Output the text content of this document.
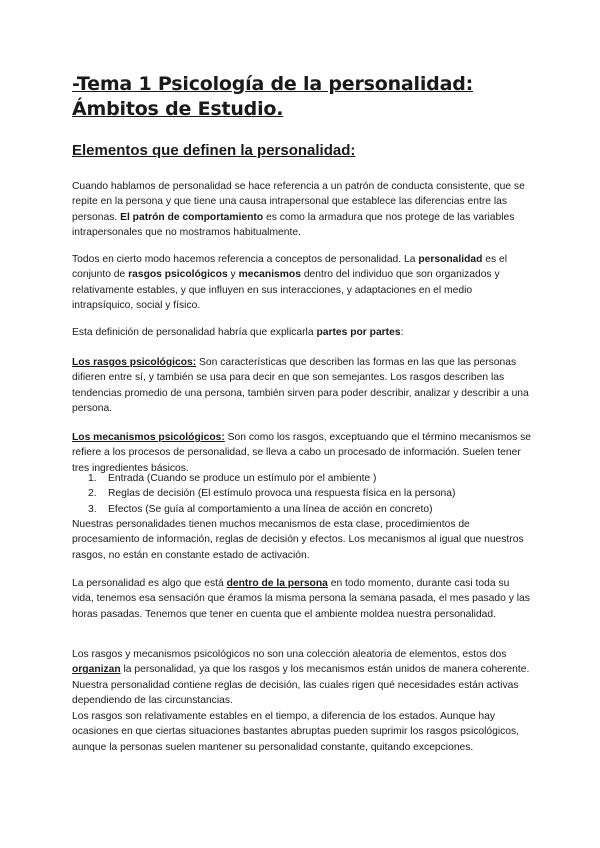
-Tema 1 Psicología de la personalidad: Ámbitos de Estudio.
Elementos que definen la personalidad:

Cuando hablamos de personalidad se hace referencia a un patrón de conducta consistente, que se repite en la persona y que tiene una causa intrapersonal que establece las diferencias entre las personas. El patrón de comportamiento es como la armadura que nos protege de las variables intrapersonales que no mostramos habitualmente.

Todos en cierto modo hacemos referencia a conceptos de personalidad. La personalidad es el conjunto de rasgos psicológicos y mecanismos dentro del individuo que son organizados y relativamente estables, y que influyen en sus interacciones, y adaptaciones en el medio intrapsíquico, social y físico.

Esta definición de personalidad habría que explicarla partes por partes:

Los rasgos psicológicos: Son características que describen las formas en las que las personas difieren entre sí, y también se usa para decir en que son semejantes. Los rasgos describen las tendencias promedio de una persona, también sirven para poder describir, analizar y describir a una persona.

Los mecanismos psicológicos: Son como los rasgos, exceptuando que el término mecanismos se refiere a los procesos de personalidad, se lleva a cabo un procesado de información. Suelen tener tres ingredientes básicos.

1.	Entrada (Cuando se produce un estímulo por el ambiente )
2.	Reglas de decisión (El estímulo provoca una respuesta física en la persona)
3.	Efectos (Se guía al comportamiento a una línea de acción en concreto)

Nuestras personalidades tienen muchos mecanismos de esta clase, procedimientos de procesamiento de información, reglas de decisión y efectos. Los mecanismos al igual que nuestros rasgos, no están en constante estado de activación.

La personalidad es algo que está dentro de la persona en todo momento, durante casi toda su vida, tenemos esa sensación que éramos la misma persona la semana pasada, el mes pasado y las horas pasadas. Tenemos que tener en cuenta que el ambiente moldea nuestra personalidad.

Los rasgos y mecanismos psicológicos no son una colección aleatoria de elementos, estos dos organizan la personalidad, ya que los rasgos y los mecanismos están unidos de manera coherente. Nuestra personalidad contiene reglas de decisión, las cuales rigen qué necesidades están activas dependiendo de las circunstancias.

Los rasgos son relativamente estables en el tiempo, a diferencia de los estados. Aunque hay ocasiones en que ciertas situaciones bastantes abruptas pueden suprimir los rasgos psicológicos, aunque la personas suelen mantener su personalidad constante, quitando excepciones.
